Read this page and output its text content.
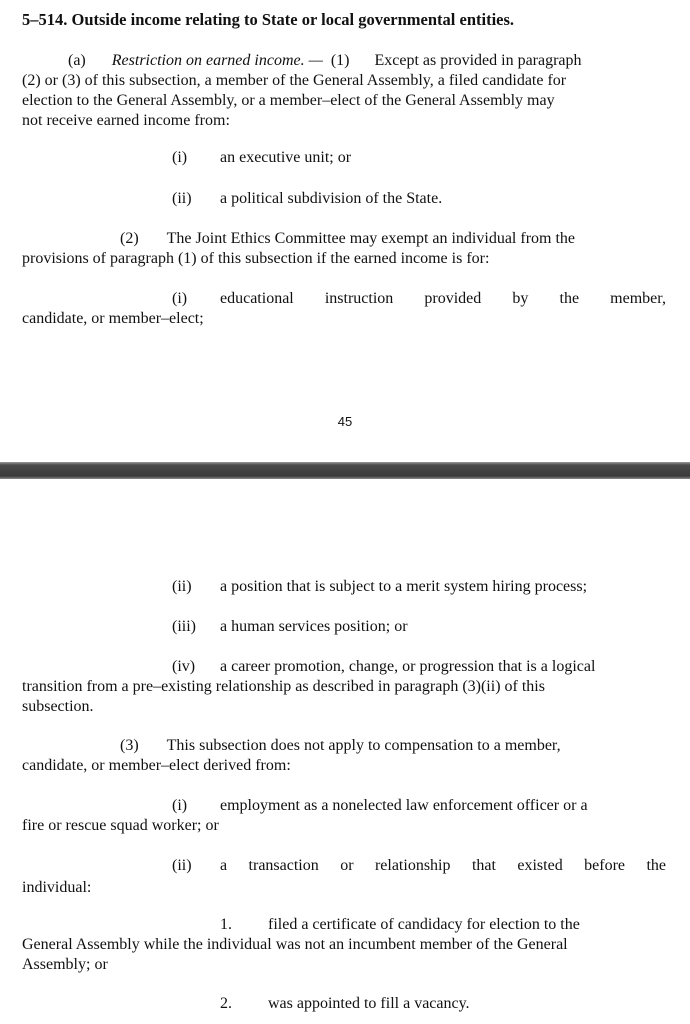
5–514. Outside income relating to State or local governmental entities.
(a) Restriction on earned income. — (1) Except as provided in paragraph
(2) or (3) of this subsection, a member of the General Assembly, a filed candidate for
election to the General Assembly, or a member–elect of the General Assembly may
not receive earned income from:
(i) an executive unit; or
(ii) a political subdivision of the State.
(2) The Joint Ethics Committee may exempt an individual from the
provisions of paragraph (1) of this subsection if the earned income is for:
(i)	educational instruction provided by the member,
candidate, or member–elect;
45
(ii) a position that is subject to a merit system hiring process;
(iii) a human services position; or
(iv) a career promotion, change, or progression that is a logical
transition from a pre–existing relationship as described in paragraph (3)(ii) of this
subsection.
(3) This subsection does not apply to compensation to a member,
candidate, or member–elect derived from:
(i) employment as a nonelected law enforcement officer or a
fire or rescue squad worker; or
(ii)	a transaction or relationship that existed before the
individual:
1. filed a certificate of candidacy for election to the
General Assembly while the individual was not an incumbent member of the General
Assembly; or
2. was appointed to fill a vacancy.
